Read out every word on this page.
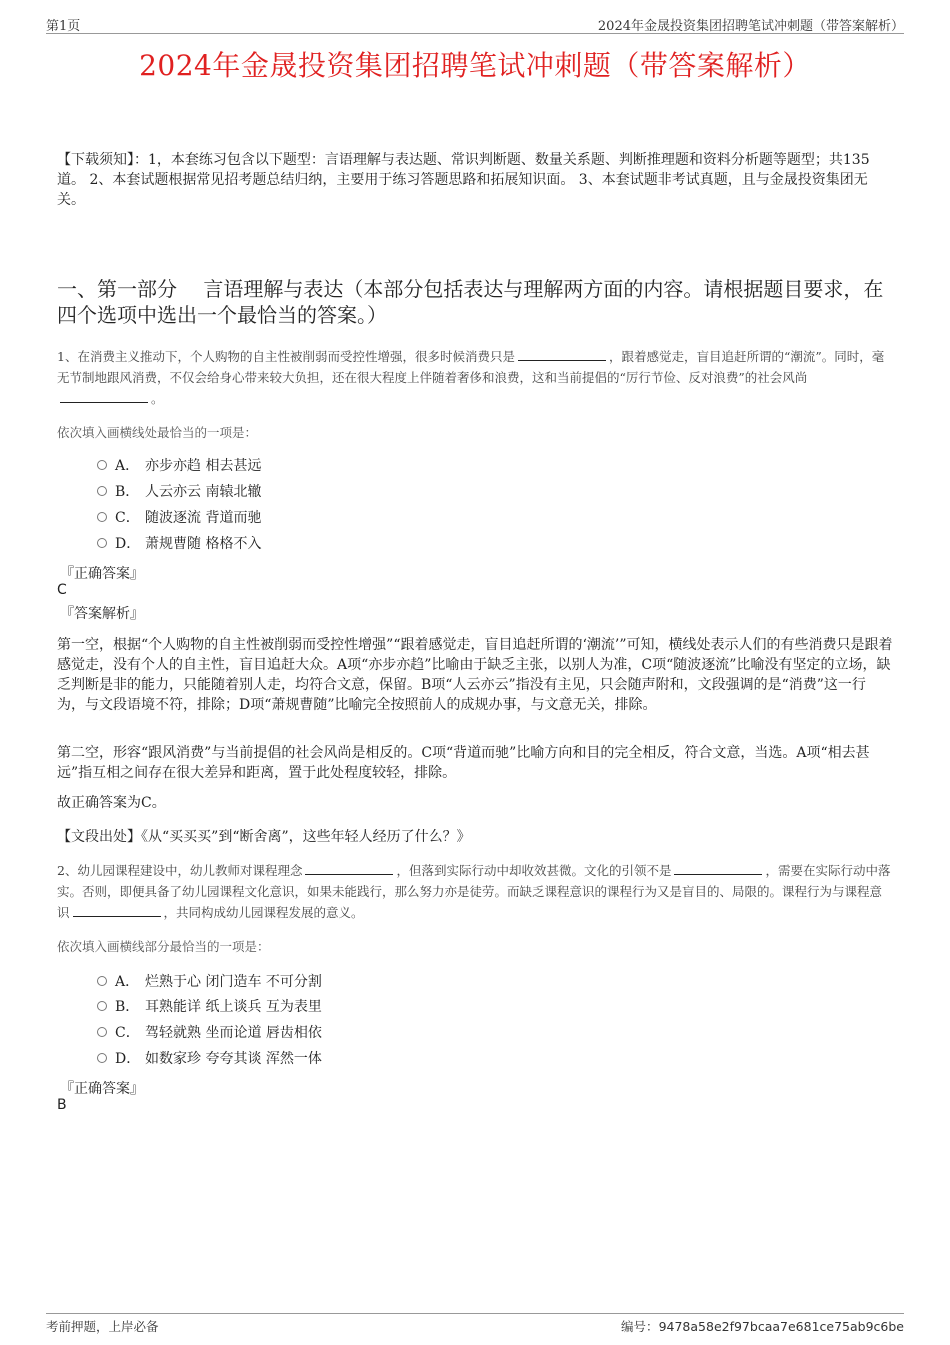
第1页	2024年金晟投资集团招聘笔试冲刺题（带答案解析）
2024年金晟投资集团招聘笔试冲刺题（带答案解析）
【下载须知】：1，本套练习包含以下题型：言语理解与表达题、常识判断题、数量关系题、判断推理题和资料分析题等题型；共135道。 2、本套试题根据常见招考题总结归纳，主要用于练习答题思路和拓展知识面。 3、本套试题非考试真题，且与金晟投资集团无关。
一、第一部分　 言语理解与表达（本部分包括表达与理解两方面的内容。请根据题目要求，在四个选项中选出一个最恰当的答案。）
1、在消费主义推动下，个人购物的自主性被削弱而受控性增强，很多时候消费只是	，跟着感觉走，盲目追赶所谓的“潮流”。同时，毫无节制地跟风消费，不仅会给身心带来较大负担，还在很大程度上伴随着奢侈和浪费，这和当前提倡的“厉行节俭、反对浪费”的社会风尚。
依次填入画横线处最恰当的一项是：
A． 亦步亦趋 相去甚远
B． 人云亦云 南辕北辙
C． 随波逐流 背道而驰
D． 萧规曹随 格格不入
『正确答案』
C
『答案解析』
第一空，根据“个人购物的自主性被削弱而受控性增强”“跟着感觉走，盲目追赶所谓的‘潮流’”可知，横线处表示人们的有些消费只是跟着感觉走，没有个人的自主性，盲目追赶大众。A项“亦步亦趋”比喻由于缺乏主张，以别人为准，C项“随波逐流”比喻没有坚定的立场，缺乏判断是非的能力，只能随着别人走，均符合文意，保留。B项“人云亦云”指没有主见，只会随声附和，文段强调的是“消费”这一行为，与文段语境不符，排除；D项“萧规曹随”比喻完全按照前人的成规办事，与文意无关，排除。
第二空，形容“跟风消费”与当前提倡的社会风尚是相反的。C项“背道而驰”比喻方向和目的完全相反，符合文意，当选。A项“相去甚远”指互相之间存在很大差异和距离，置于此处程度较轻，排除。
故正确答案为C。
【文段出处】《从“买买买”到“断舍离”，这些年轻人经历了什么？》
2、幼儿园课程建设中，幼儿教师对课程理念	，但落到实际行动中却收效甚微。文化的引领不是	，需要在实际行动中落实。否则，即便具备了幼儿园课程文化意识，如果未能践行，那么努力亦是徒劳。而缺乏课程意识的课程行为又是盲目的、局限的。课程行为与课程意识	，共同构成幼儿园课程发展的意义。
依次填入画横线部分最恰当的一项是：
A． 烂熟于心 闭门造车 不可分割
B． 耳熟能详 纸上谈兵 互为表里
C． 驾轻就熟 坐而论道 唇齿相依
D． 如数家珍 夸夸其谈 浑然一体
『正确答案』
B
考前押题，上岸必备	编号：9478a58e2f97bcaa7e681ce75ab9c6be
